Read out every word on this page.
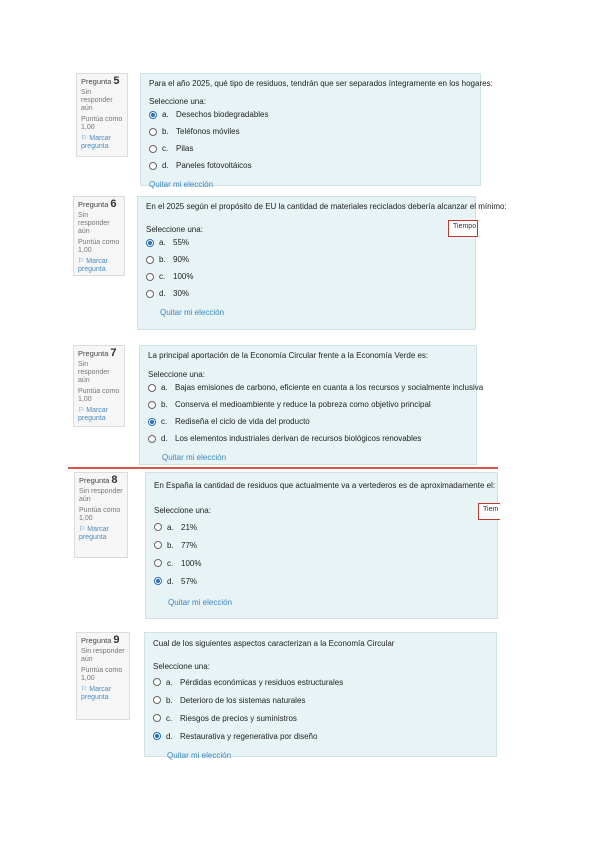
Pregunta 5
Sin responder aún
Puntúa como 1,00
⚐ Marcar pregunta
Para el año 2025, qué tipo de residuos, tendrán que ser separados íntegramente en los hogares:
Seleccione una:
a. Desechos biodegradables
b. Teléfonos móviles
c. Pilas
d. Paneles fotovoltáicos
Quitar mi elección
Pregunta 6
Sin responder aún
Puntúa como 1,00
⚐ Marcar pregunta
En el 2025 según el propósito de EU la cantidad de materiales reciclados debería alcanzar el mínimo:
Seleccione una:
a. 55%
b. 90%
c. 100%
d. 30%
Quitar mi elección
Tiempo
Pregunta 7
Sin responder aún
Puntúa como 1,00
⚐ Marcar pregunta
La principal aportación de la Economía Circular frente a la Economía Verde es:
Seleccione una:
a. Bajas emisiones de carbono, eficiente en cuanta a los recursos y socialmente inclusiva
b. Conserva el medioambiente y reduce la pobreza como objetivo principal
c. Rediseña el ciclo de vida del producto
d. Los elementos industriales derivan de recursos biológicos renovables
Quitar mi elección
Pregunta 8
Sin responder aún
Puntúa como 1,00
⚐ Marcar pregunta
En España la cantidad de residuos que actualmente va a vertederos es de aproximadamente el:
Seleccione una:
a. 21%
b. 77%
c. 100%
d. 57%
Quitar mi elección
Tiem
Pregunta 9
Sin responder aún
Puntúa como 1,00
⚐ Marcar pregunta
Cual de los siguientes aspectos caracterizan a la Economía Circular
Seleccione una:
a. Pérdidas económicas y residuos estructurales
b. Deterioro de los sistemas naturales
c. Riesgos de precios y suministros
d. Restaurativa y regenerativa por diseño
Quitar mi elección
